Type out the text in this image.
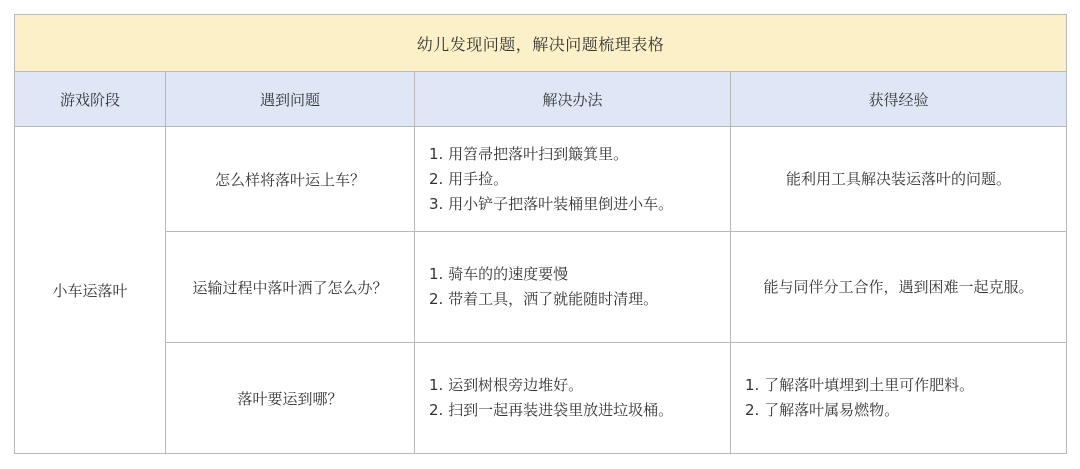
幼儿发现问题，解决问题梳理表格			
游戏阶段	遇到问题	解决办法	获得经验
小车运落叶	怎么样将落叶运上车？	1. 用笤帚把落叶扫到簸箕里。
2. 用手捡。
3. 用小铲子把落叶装桶里倒进小车。	能利用工具解决装运落叶的问题。

	运输过程中落叶洒了怎么办？	1. 骑车的的速度要慢
2. 带着工具，洒了就能随时清理。	能与同伴分工合作，遇到困难一起克服。

	落叶要运到哪？	1. 运到树根旁边堆好。
2. 扫到一起再装进袋里放进垃圾桶。	1. 了解落叶填埋到土里可作肥料。
2. 了解落叶属易燃物。
